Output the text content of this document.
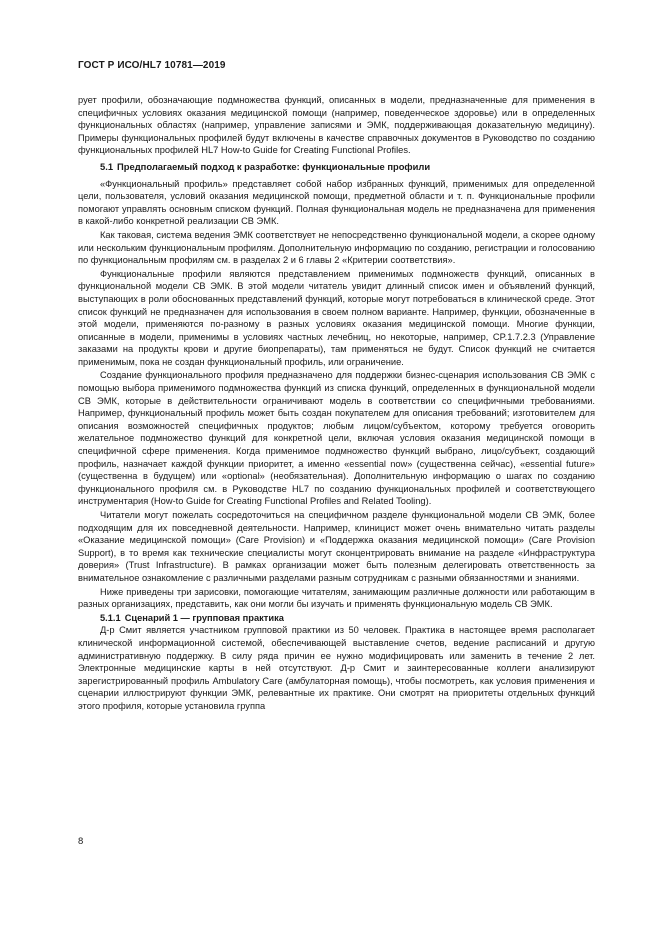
ГОСТ Р ИСО/HL7 10781—2019

рует профили, обозначающие подмножества функций, описанных в модели, предназначенные для применения в специфичных условиях оказания медицинской помощи (например, поведенческое здоровье) или в определенных функциональных областях (например, управление записями и ЭМК, поддерживающая доказательную медицину). Примеры функциональных профилей будут включены в качестве справочных документов в Руководство по созданию функциональных профилей HL7 How-to Guide for Creating Functional Profiles.

5.1 Предполагаемый подход к разработке: функциональные профили

«Функциональный профиль» представляет собой набор избранных функций, применимых для определенной цели, пользователя, условий оказания медицинской помощи, предметной области и т. п. Функциональные профили помогают управлять основным списком функций. Полная функциональная модель не предназначена для применения в какой-либо конкретной реализации СВ ЭМК.

Как таковая, система ведения ЭМК соответствует не непосредственно функциональной модели, а скорее одному или нескольким функциональным профилям. Дополнительную информацию по созданию, регистрации и голосованию по функциональным профилям см. в разделах 2 и 6 главы 2 «Критерии соответствия».

Функциональные профили являются представлением применимых подмножеств функций, описанных в функциональной модели СВ ЭМК. В этой модели читатель увидит длинный список имен и объявлений функций, выступающих в роли обоснованных представлений функций, которые могут потребоваться в клинической среде. Этот список функций не предназначен для использования в своем полном варианте. Например, функции, обозначенные в этой модели, применяются по-разному в разных условиях оказания медицинской помощи. Многие функции, описанные в модели, применимы в условиях частных лечебниц, но некоторые, например, CP.1.7.2.3 (Управление заказами на продукты крови и другие биопрепараты), там применяться не будут. Список функций не считается применимым, пока не создан функциональный профиль, или ограничение.

Создание функционального профиля предназначено для поддержки бизнес-сценария использования СВ ЭМК с помощью выбора применимого подмножества функций из списка функций, определенных в функциональной модели СВ ЭМК, которые в действительности ограничивают модель в соответствии со специфичными требованиями. Например, функциональный профиль может быть создан покупателем для описания требований; изготовителем для описания возможностей специфичных продуктов; любым лицом/субъектом, которому требуется оговорить желательное подмножество функций для конкретной цели, включая условия оказания медицинской помощи в специфичной сфере применения. Когда применимое подмножество функций выбрано, лицо/субъект, создающий профиль, назначает каждой функции приоритет, а именно «essential now» (существенна сейчас), «essential future» (существенна в будущем) или «optional» (необязательная). Дополнительную информацию о шагах по созданию функционального профиля см. в Руководстве HL7 по созданию функциональных профилей и соответствующего инструментария (How-to Guide for Creating Functional Profiles and Related Tooling).

Читатели могут пожелать сосредоточиться на специфичном разделе функциональной модели СВ ЭМК, более подходящим для их повседневной деятельности. Например, клиницист может очень внимательно читать разделы «Оказание медицинской помощи» (Care Provision) и «Поддержка оказания медицинской помощи» (Care Provision Support), в то время как технические специалисты могут сконцентрировать внимание на разделе «Инфраструктура доверия» (Trust Infrastructure). В рамках организации может быть полезным делегировать ответственность за внимательное ознакомление с различными разделами разным сотрудникам с разными обязанностями и знаниями.

Ниже приведены три зарисовки, помогающие читателям, занимающим различные должности или работающим в разных организациях, представить, как они могли бы изучать и применять функциональную модель СВ ЭМК.

5.1.1 Сценарий 1 — групповая практика

Д-р Смит является участником групповой практики из 50 человек. Практика в настоящее время располагает клинической информационной системой, обеспечивающей выставление счетов, ведение расписаний и другую административную поддержку. В силу ряда причин ее нужно модифицировать или заменить в течение 2 лет. Электронные медицинские карты в ней отсутствуют. Д-р Смит и заинтересованные коллеги анализируют зарегистрированный профиль Ambulatory Care (амбулаторная помощь), чтобы посмотреть, как условия применения и сценарии иллюстрируют функции ЭМК, релевантные их практике. Они смотрят на приоритеты отдельных функций этого профиля, которые установила группа

8
